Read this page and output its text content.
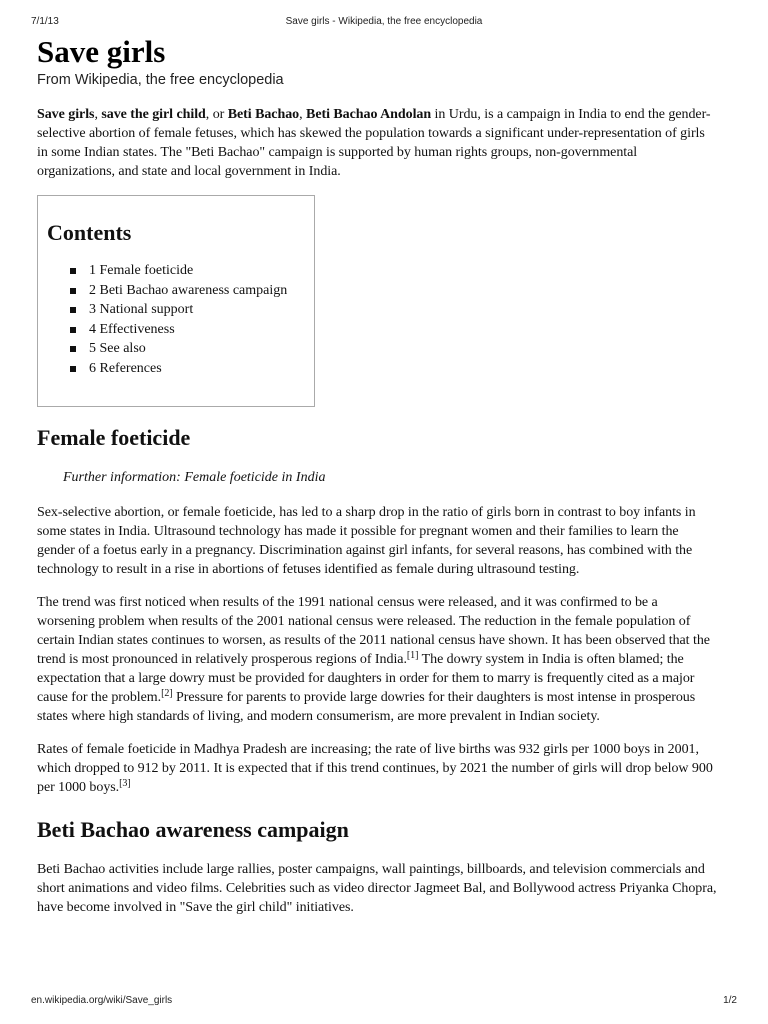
7/1/13	Save girls - Wikipedia, the free encyclopedia
Save girls
From Wikipedia, the free encyclopedia

Save girls, save the girl child, or Beti Bachao, Beti Bachao Andolan in Urdu, is a campaign in India to end the gender-selective abortion of female fetuses, which has skewed the population towards a significant under-representation of girls in some Indian states. The "Beti Bachao" campaign is supported by human rights groups, non-governmental organizations, and state and local government in India.

Contents
1 Female foeticide
2 Beti Bachao awareness campaign
3 National support
4 Effectiveness
5 See also
6 References
Female foeticide
Further information: Female foeticide in India

Sex-selective abortion, or female foeticide, has led to a sharp drop in the ratio of girls born in contrast to boy infants in some states in India. Ultrasound technology has made it possible for pregnant women and their families to learn the gender of a foetus early in a pregnancy. Discrimination against girl infants, for several reasons, has combined with the technology to result in a rise in abortions of fetuses identified as female during ultrasound testing.

The trend was first noticed when results of the 1991 national census were released, and it was confirmed to be a worsening problem when results of the 2001 national census were released. The reduction in the female population of certain Indian states continues to worsen, as results of the 2011 national census have shown. It has been observed that the trend is most pronounced in relatively prosperous regions of India.[1] The dowry system in India is often blamed; the expectation that a large dowry must be provided for daughters in order for them to marry is frequently cited as a major cause for the problem.[2] Pressure for parents to provide large dowries for their daughters is most intense in prosperous states where high standards of living, and modern consumerism, are more prevalent in Indian society.

Rates of female foeticide in Madhya Pradesh are increasing; the rate of live births was 932 girls per 1000 boys in 2001, which dropped to 912 by 2011. It is expected that if this trend continues, by 2021 the number of girls will drop below 900 per 1000 boys.[3]

Beti Bachao awareness campaign

Beti Bachao activities include large rallies, poster campaigns, wall paintings, billboards, and television commercials and short animations and video films. Celebrities such as video director Jagmeet Bal, and Bollywood actress Priyanka Chopra, have become involved in "Save the girl child" initiatives.

en.wikipedia.org/wiki/Save_girls	1/2
